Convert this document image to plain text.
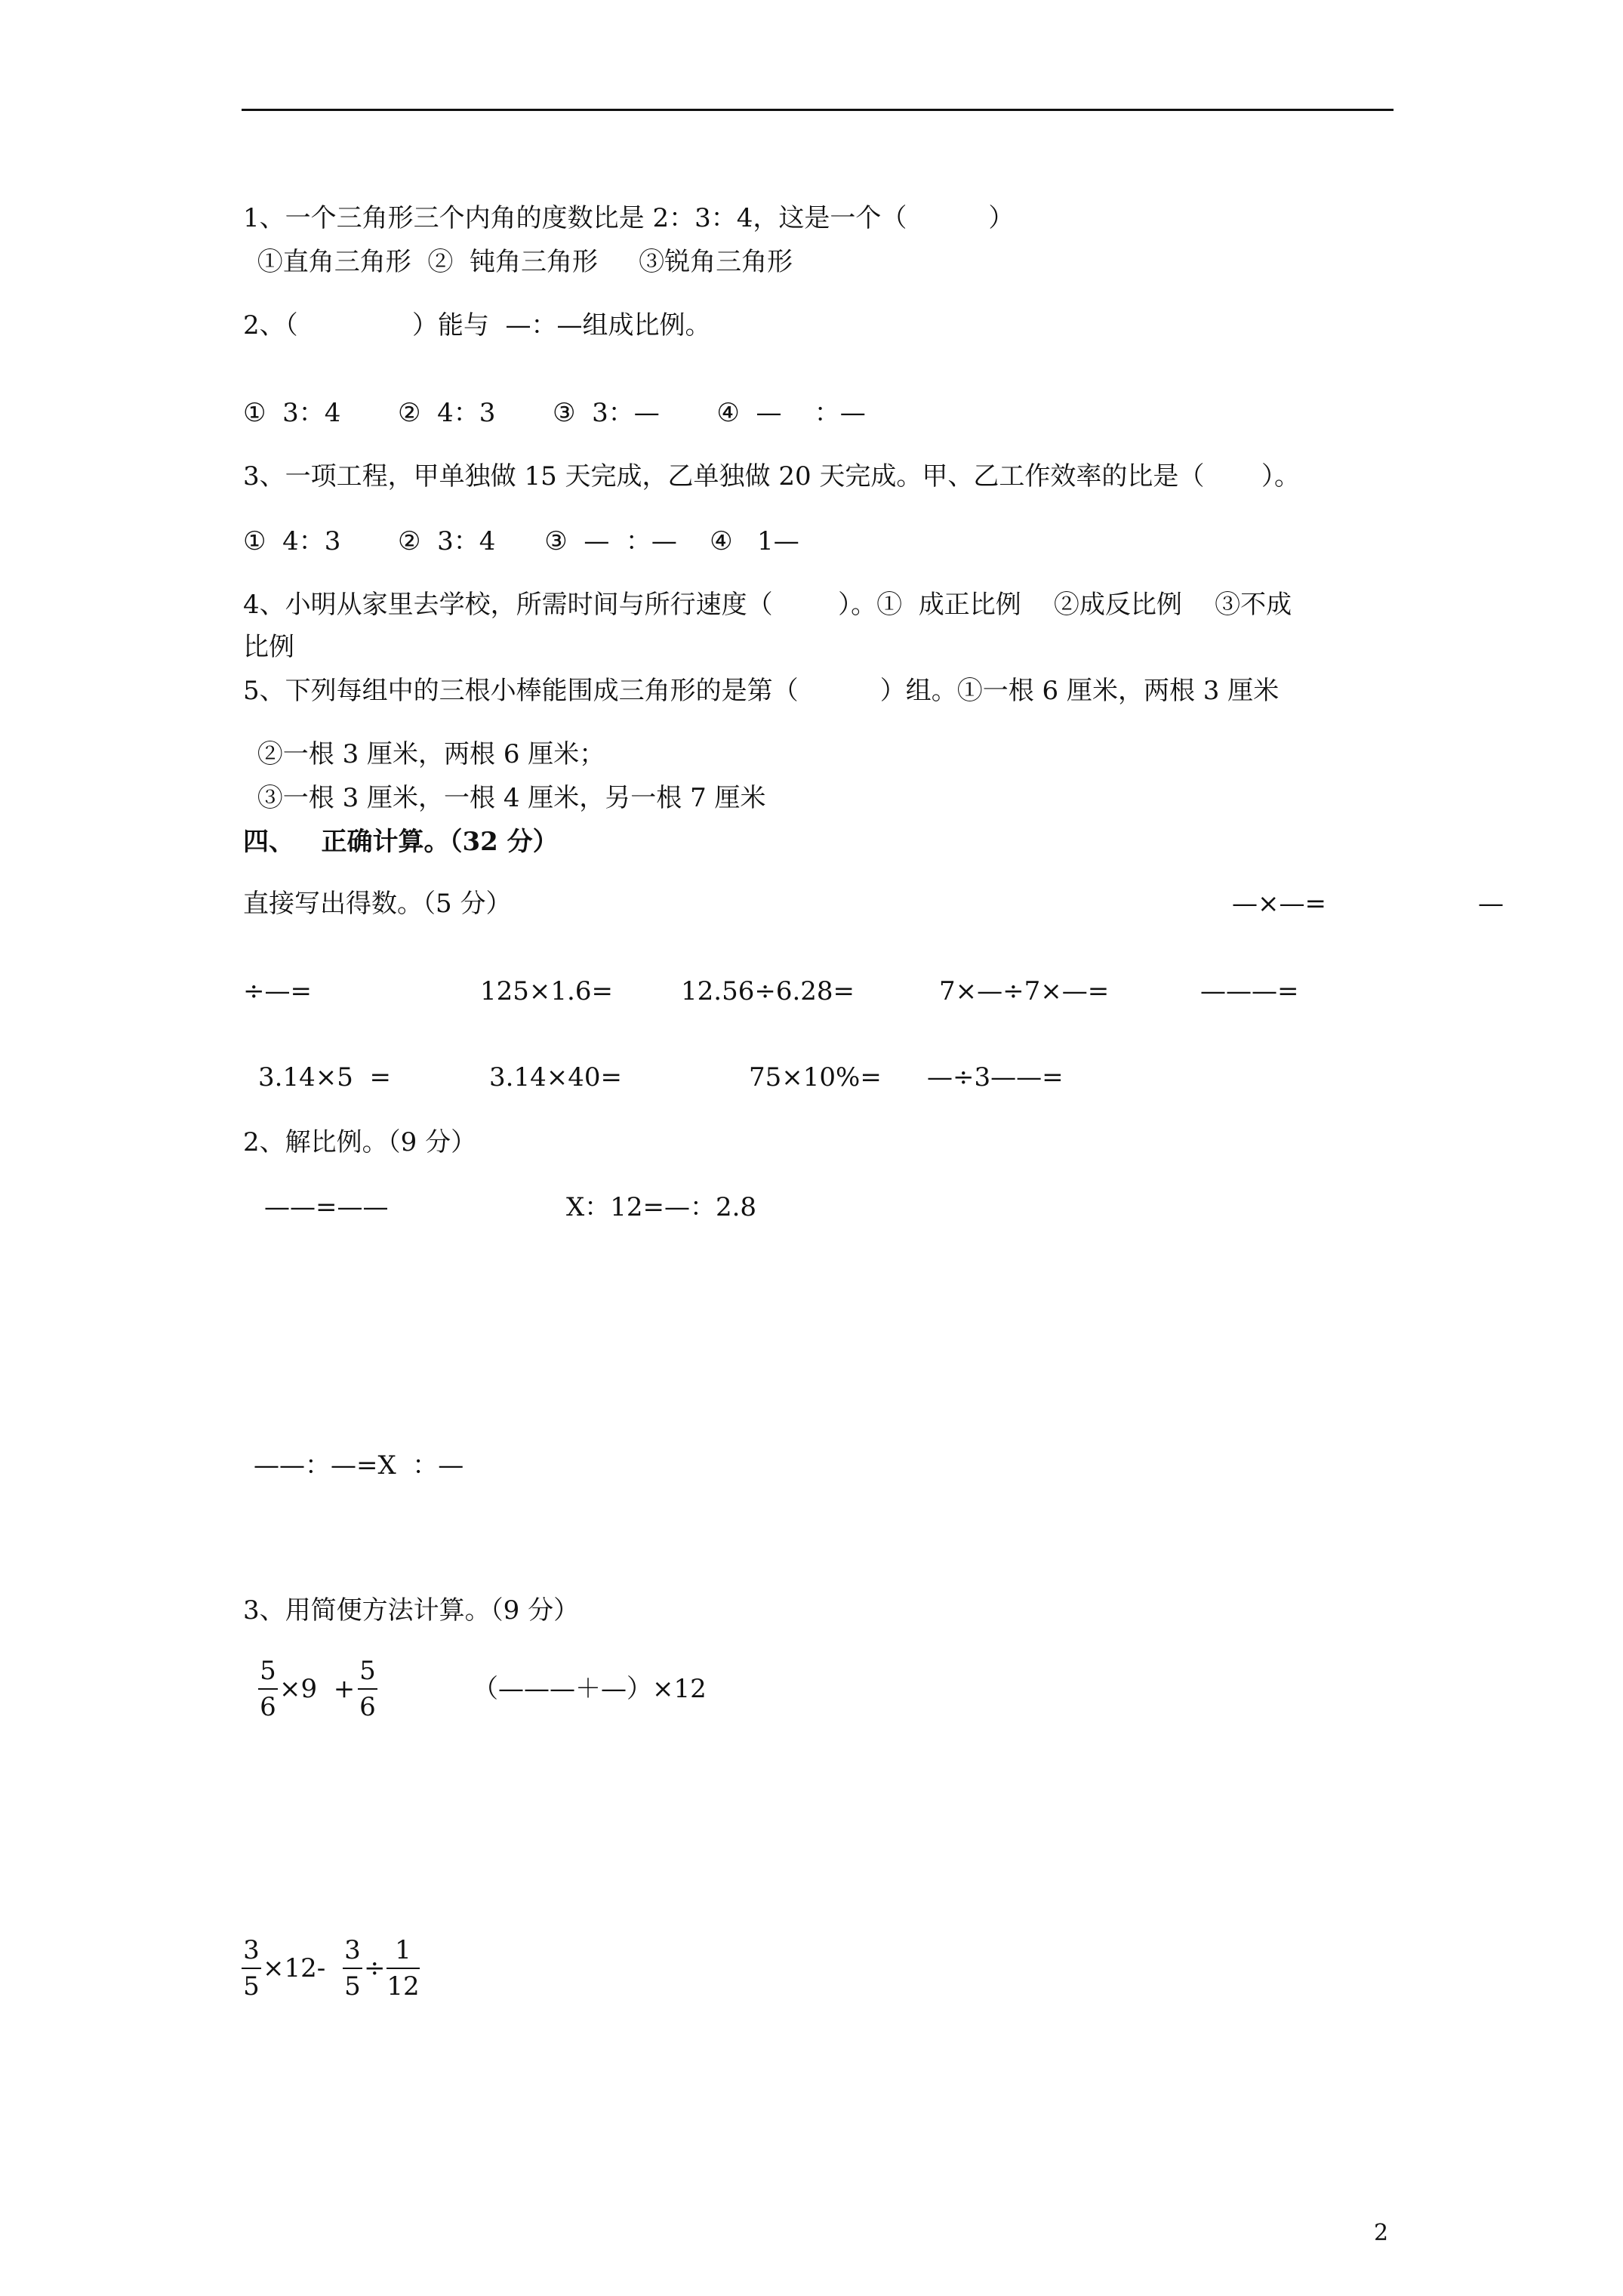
1、一个三角形三个内角的度数比是 2：3：4，这是一个（          ）
①直角三角形  ②  钝角三角形     ③锐角三角形
2、（              ）能与  —：—组成比例。
①  3：4       ②  4：3       ③  3：—       ④  —    ：—
3、一项工程，甲单独做 15 天完成，乙单独做 20 天完成。甲、乙工作效率的比是（       ）。
①  4：3       ②  3：4      ③  —  ：—    ④   1—
4、小明从家里去学校，所需时间与所行速度（        ）。①  成正比例    ②成反比例    ③不成
比例
5、下列每组中的三根小棒能围成三角形的是第（          ）组。①一根 6 厘米，两根 3 厘米
②一根 3 厘米，两根 6 厘米；
③一根 3 厘米，一根 4 厘米，另一根 7 厘米
四、   正确计算。（32 分）
直接写出得数。（5 分）	—×—=	—
÷—=	125×1.6=	12.56÷6.28=	7×—÷7×—=	———=
3.14×5  =	3.14×40=	75×10%= —÷3——=
2、解比例。（9 分）
——=——	X：12=—：2.8
——：—=X  ：—
3、用简便方法计算。（9 分）
5
6
×9  +
5
6
（———＋—）×12
3
5
×12-
3
5
÷
1
12
2
